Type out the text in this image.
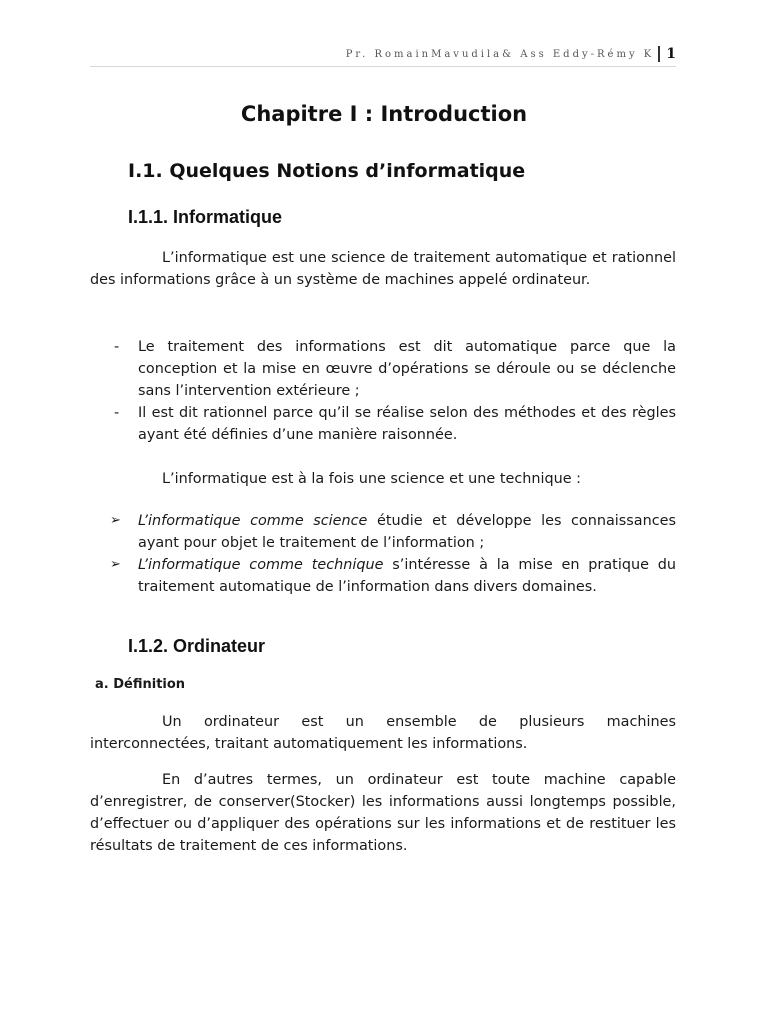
Pr. RomainMavudila& Ass Eddy-Rémy K 1
Chapitre I : Introduction
I.1. Quelques Notions d’informatique
I.1.1. Informatique

L’informatique est une science de traitement automatique et rationnel des informations grâce à un système de machines appelé ordinateur.

- Le traitement des informations est dit automatique parce que la conception et la mise en œuvre d’opérations se déroule ou se déclenche sans l’intervention extérieure ;
- Il est dit rationnel parce qu’il se réalise selon des méthodes et des règles ayant été définies d’une manière raisonnée.

L’informatique est à la fois une science et une technique :

➢ L’informatique comme science étudie et développe les connaissances ayant pour objet le traitement de l’information ;
➢ L’informatique comme technique s’intéresse à la mise en pratique du traitement automatique de l’information dans divers domaines.
I.1.2. Ordinateur
a. Définition

Un ordinateur est un ensemble de plusieurs machines interconnectées, traitant automatiquement les informations.

En d’autres termes, un ordinateur est toute machine capable d’enregistrer, de conserver(Stocker) les informations aussi longtemps possible, d’effectuer ou d’appliquer des opérations sur les informations et de restituer les résultats de traitement de ces informations.
